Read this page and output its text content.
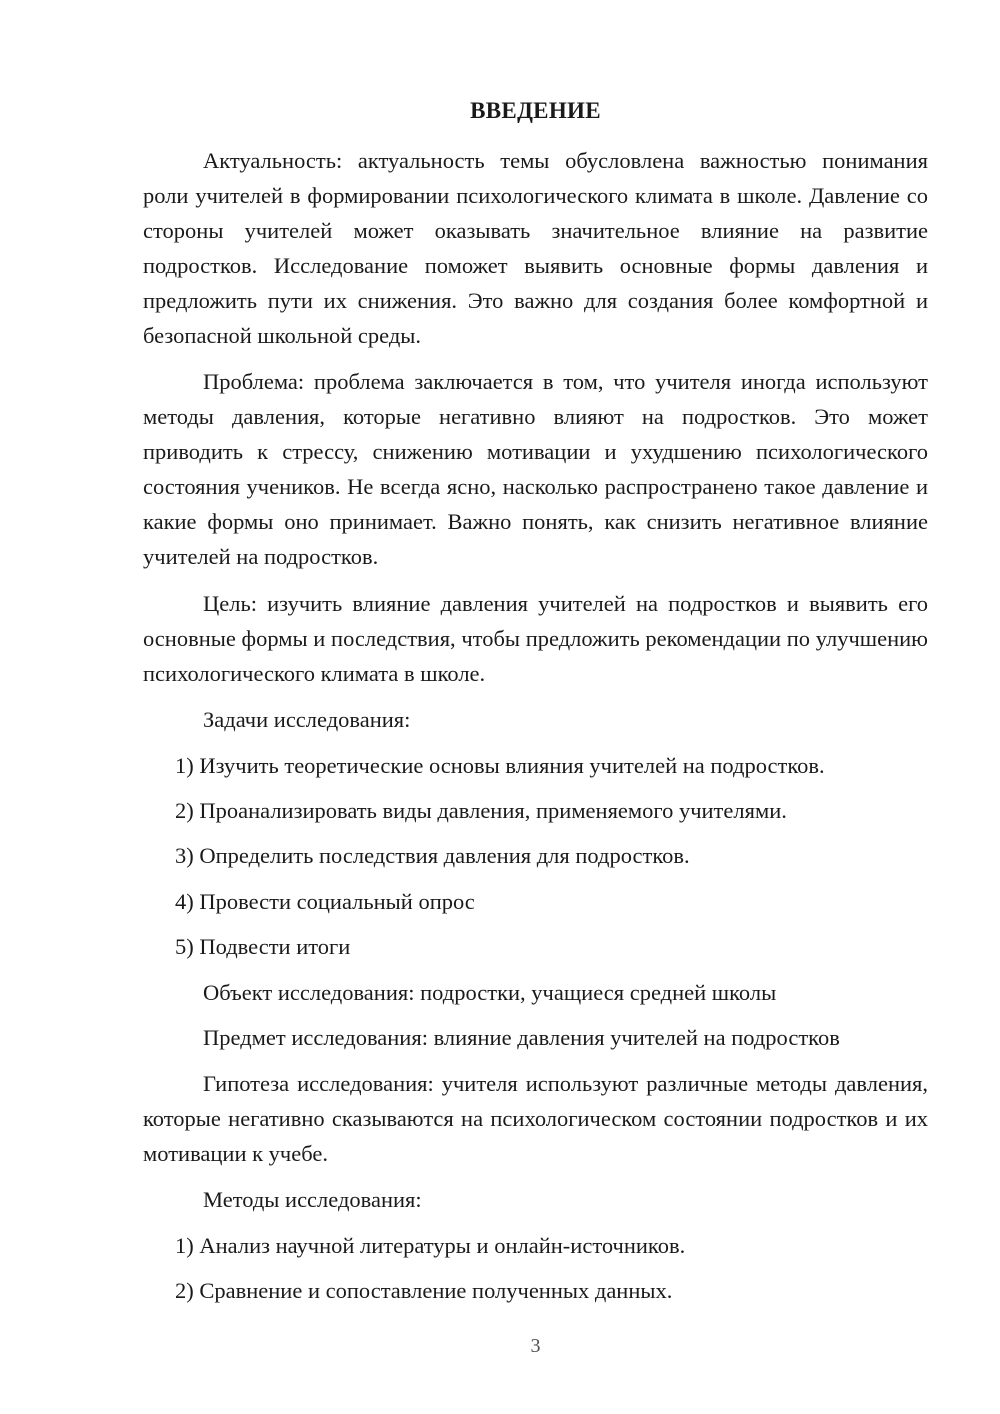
ВВЕДЕНИЕ
Актуальность: актуальность темы обусловлена важностью понимания роли учителей в формировании психологического климата в школе. Давление со стороны учителей может оказывать значительное влияние на развитие подростков. Исследование поможет выявить основные формы давления и предложить пути их снижения. Это важно для создания более комфортной и безопасной школьной среды.
Проблема: проблема заключается в том, что учителя иногда используют методы давления, которые негативно влияют на подростков. Это может приводить к стрессу, снижению мотивации и ухудшению психологического состояния учеников. Не всегда ясно, насколько распространено такое давление и какие формы оно принимает. Важно понять, как снизить негативное влияние учителей на подростков.
Цель: изучить влияние давления учителей на подростков и выявить его основные формы и последствия, чтобы предложить рекомендации по улучшению психологического климата в школе.
Задачи исследования:
1) Изучить теоретические основы влияния учителей на подростков.
2) Проанализировать виды давления, применяемого учителями.
3) Определить последствия давления для подростков.
4) Провести социальный опрос
5) Подвести итоги
Объект исследования: подростки, учащиеся средней школы
Предмет исследования: влияние давления учителей на подростков
Гипотеза исследования: учителя используют различные методы давления, которые негативно сказываются на психологическом состоянии подростков и их мотивации к учебе.
Методы исследования:
1) Анализ научной литературы и онлайн-источников.
2) Сравнение и сопоставление полученных данных.
3
